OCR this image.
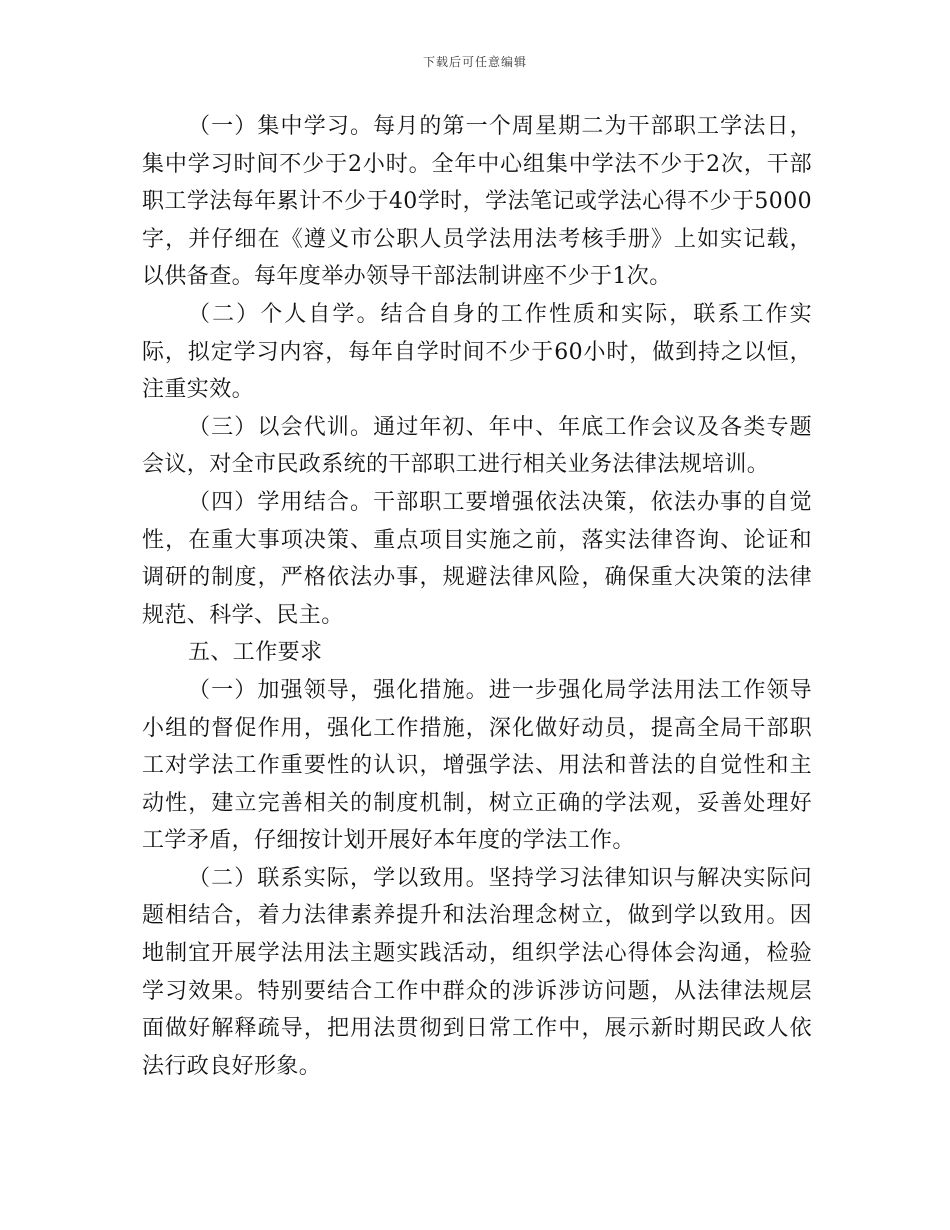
下载后可任意编辑

（一）集中学习。每月的第一个周星期二为干部职工学法日，集中学习时间不少于2小时。全年中心组集中学法不少于2次，干部职工学法每年累计不少于40学时，学法笔记或学法心得不少于5000字，并仔细在《遵义市公职人员学法用法考核手册》上如实记载，以供备查。每年度举办领导干部法制讲座不少于1次。

（二）个人自学。结合自身的工作性质和实际，联系工作实际，拟定学习内容，每年自学时间不少于60小时，做到持之以恒，注重实效。

（三）以会代训。通过年初、年中、年底工作会议及各类专题会议，对全市民政系统的干部职工进行相关业务法律法规培训。

（四）学用结合。干部职工要增强依法决策，依法办事的自觉性，在重大事项决策、重点项目实施之前，落实法律咨询、论证和调研的制度，严格依法办事，规避法律风险，确保重大决策的法律规范、科学、民主。

五、工作要求

（一）加强领导，强化措施。进一步强化局学法用法工作领导小组的督促作用，强化工作措施，深化做好动员，提高全局干部职工对学法工作重要性的认识，增强学法、用法和普法的自觉性和主动性，建立完善相关的制度机制，树立正确的学法观，妥善处理好工学矛盾，仔细按计划开展好本年度的学法工作。

（二）联系实际，学以致用。坚持学习法律知识与解决实际问题相结合，着力法律素养提升和法治理念树立，做到学以致用。因地制宜开展学法用法主题实践活动，组织学法心得体会沟通，检验学习效果。特别要结合工作中群众的涉诉涉访问题，从法律法规层面做好解释疏导，把用法贯彻到日常工作中，展示新时期民政人依法行政良好形象。
